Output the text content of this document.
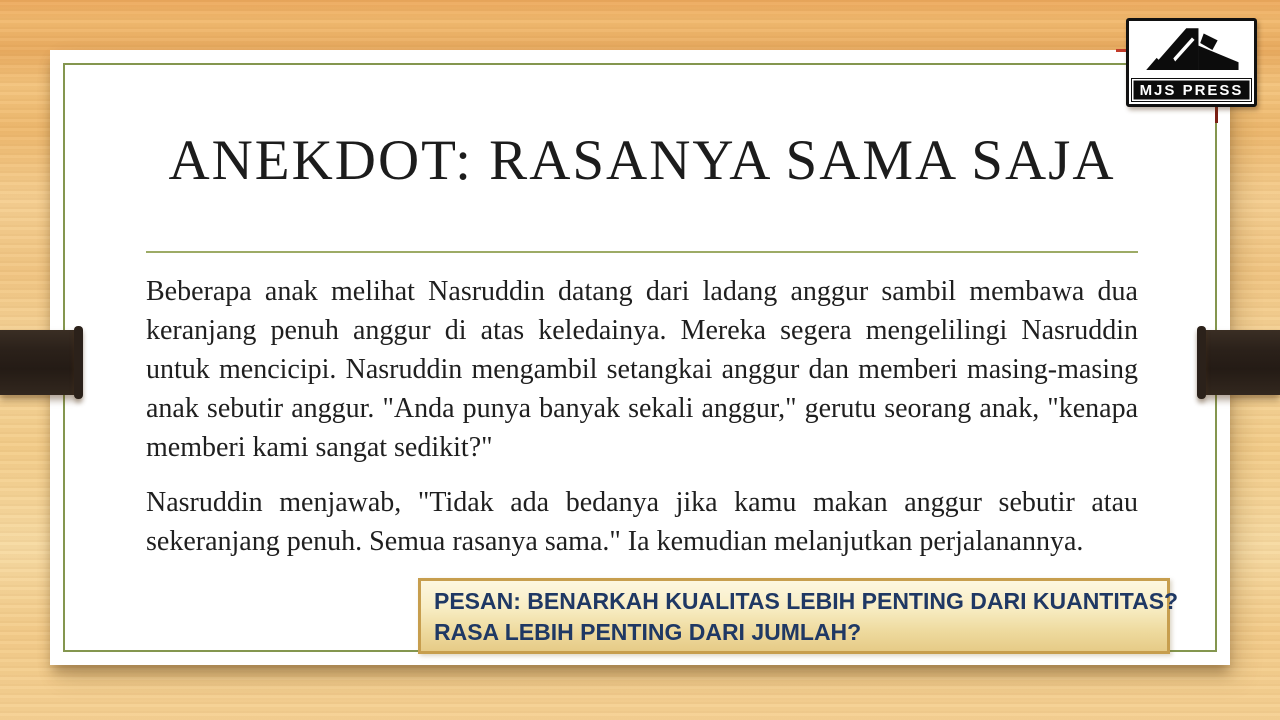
ANEKDOT: RASANYA SAMA SAJA

Beberapa anak melihat Nasruddin datang dari ladang anggur sambil membawa dua keranjang penuh anggur di atas keledainya. Mereka segera mengelilingi Nasruddin untuk mencicipi. Nasruddin mengambil setangkai anggur dan memberi masing-masing anak sebutir anggur. "Anda punya banyak sekali anggur," gerutu seorang anak, "kenapa memberi kami sangat sedikit?"

Nasruddin menjawab, "Tidak ada bedanya jika kamu makan anggur sebutir atau sekeranjang penuh. Semua rasanya sama." Ia kemudian melanjutkan perjalanannya.

PESAN: BENARKAH KUALITAS LEBIH PENTING DARI KUANTITAS?
RASA LEBIH PENTING DARI JUMLAH?
MJS PRESS
